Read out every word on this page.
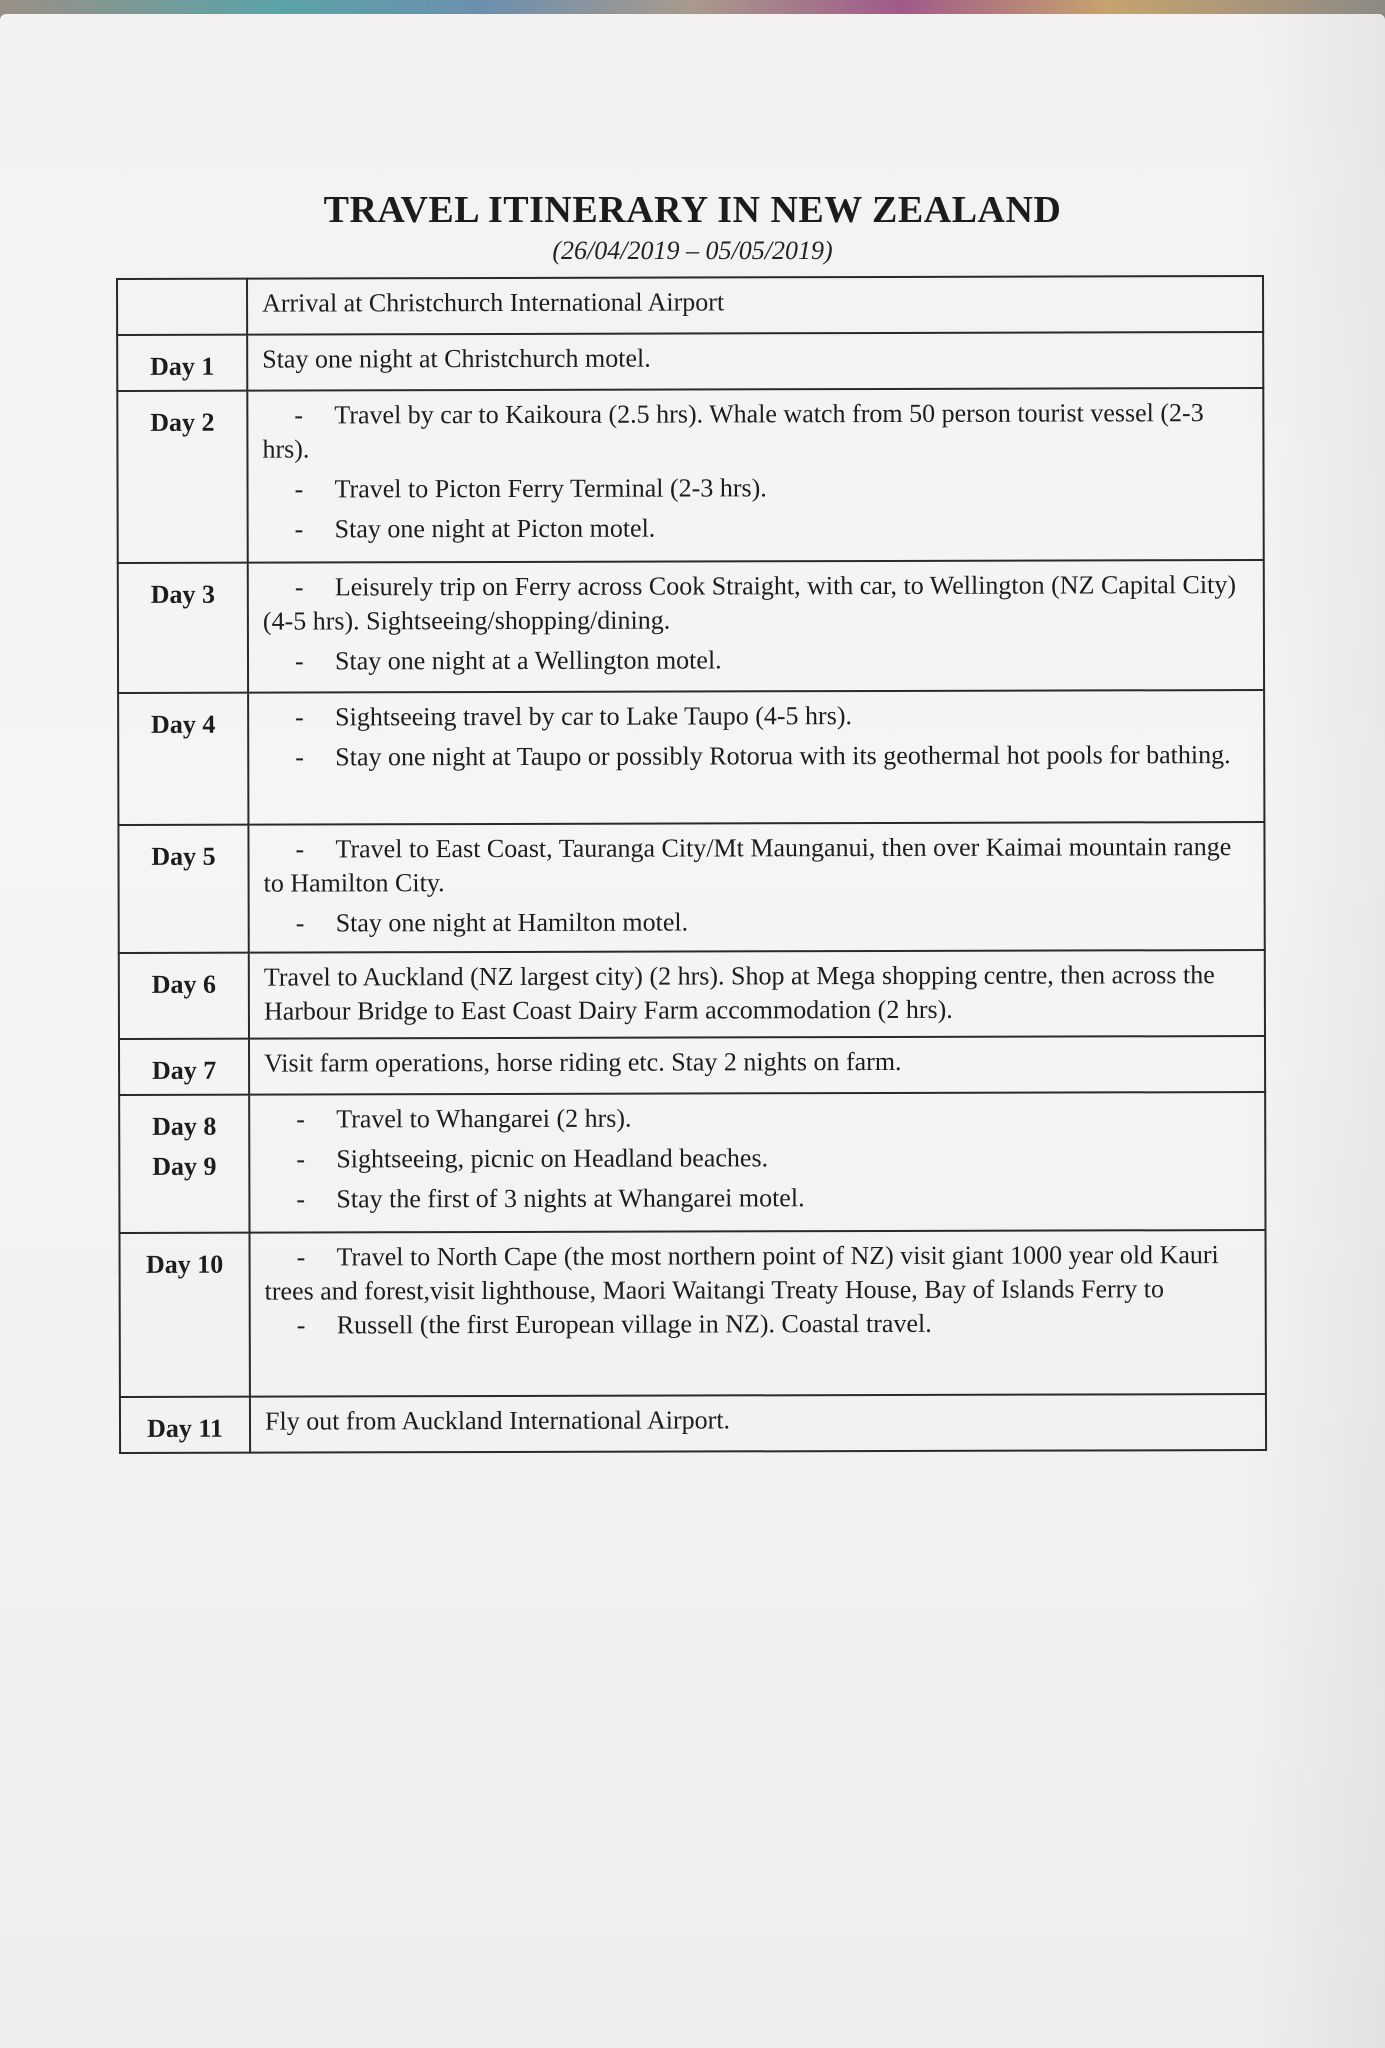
TRAVEL ITINERARY IN NEW ZEALAND
(26/04/2019 – 05/05/2019)

	Arrival at Christchurch International Airport

Day 1	Stay one night at Christchurch motel.

Day 2	- Travel by car to Kaikoura (2.5 hrs). Whale watch from 50 person tourist vessel (2-3 hrs).
- Travel to Picton Ferry Terminal (2-3 hrs).
- Stay one night at Picton motel.

Day 3	- Leisurely trip on Ferry across Cook Straight, with car, to Wellington (NZ Capital City) (4-5 hrs). Sightseeing/shopping/dining.
- Stay one night at a Wellington motel.

Day 4	- Sightseeing travel by car to Lake Taupo (4-5 hrs).
- Stay one night at Taupo or possibly Rotorua with its geothermal hot pools for bathing.

Day 5	- Travel to East Coast, Tauranga City/Mt Maunganui, then over Kaimai mountain range to Hamilton City.
- Stay one night at Hamilton motel.

Day 6	Travel to Auckland (NZ largest city) (2 hrs). Shop at Mega shopping centre, then across the Harbour Bridge to East Coast Dairy Farm accommodation (2 hrs).

Day 7	Visit farm operations, horse riding etc. Stay 2 nights on farm.

Day 8
Day 9	- Travel to Whangarei (2 hrs).
- Sightseeing, picnic on Headland beaches.
- Stay the first of 3 nights at Whangarei motel.

Day 10	- Travel to North Cape (the most northern point of NZ) visit giant 1000 year old Kauri trees and forest,visit lighthouse, Maori Waitangi Treaty House, Bay of Islands Ferry to
- Russell (the first European village in NZ). Coastal travel.

Day 11	Fly out from Auckland International Airport.
